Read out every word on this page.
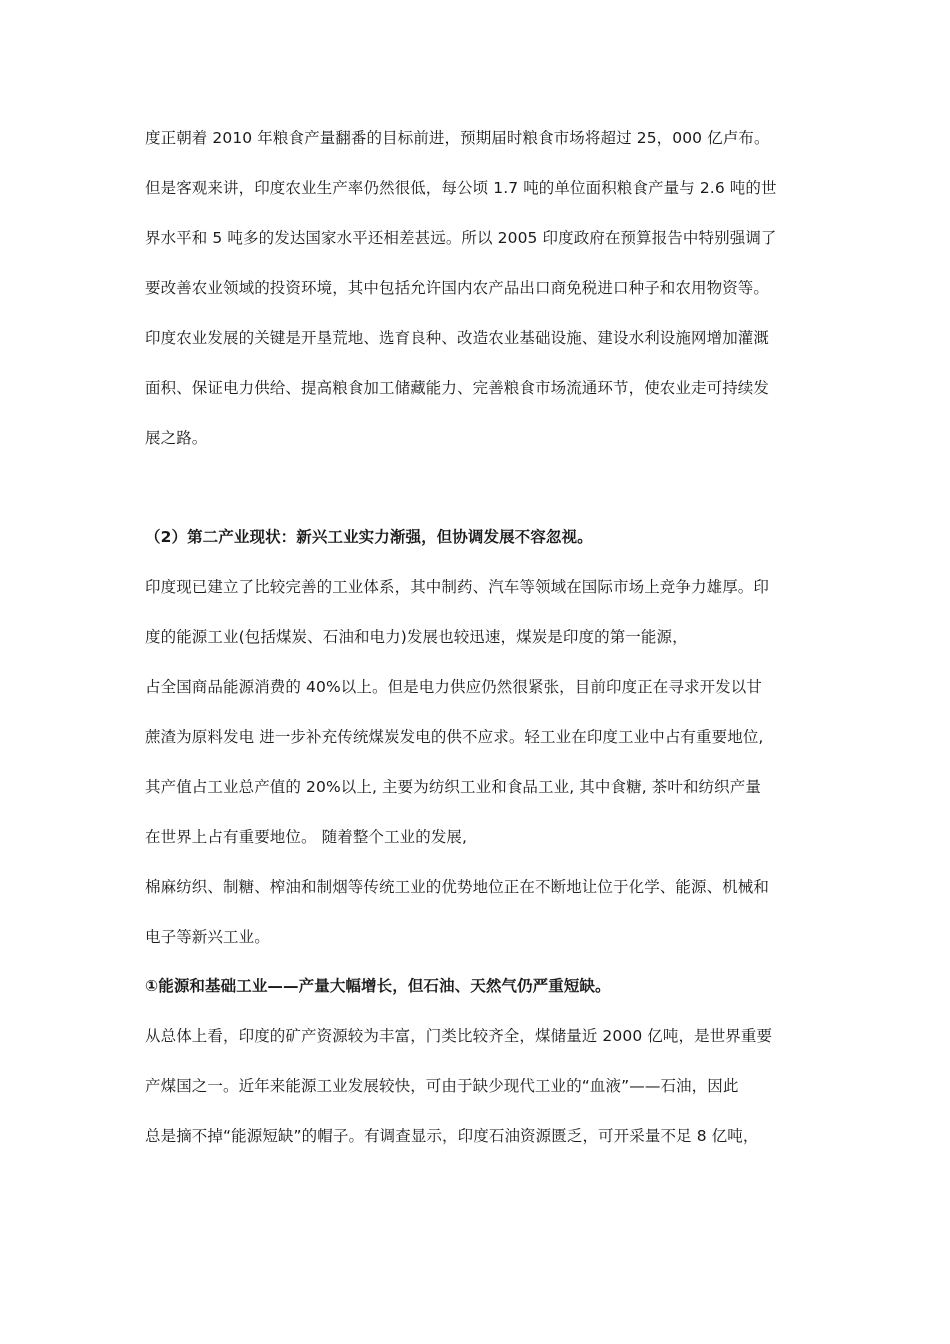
度正朝着 2010 年粮食产量翻番的目标前进，预期届时粮食市场将超过 25，000 亿卢布。
但是客观来讲，印度农业生产率仍然很低，每公顷 1.7 吨的单位面积粮食产量与 2.6 吨的世
界水平和 5 吨多的发达国家水平还相差甚远。所以 2005 印度政府在预算报告中特别强调了
要改善农业领域的投资环境，其中包括允许国内农产品出口商免税进口种子和农用物资等。
印度农业发展的关键是开垦荒地、选育良种、改造农业基础设施、建设水利设施网增加灌溉
面积、保证电力供给、提高粮食加工储藏能力、完善粮食市场流通环节，使农业走可持续发
展之路。
（2）第二产业现状：新兴工业实力渐强，但协调发展不容忽视。
印度现已建立了比较完善的工业体系，其中制药、汽车等领域在国际市场上竞争力雄厚。印
度的能源工业(包括煤炭、石油和电力)发展也较迅速，煤炭是印度的第一能源，
占全国商品能源消费的 40%以上。但是电力供应仍然很紧张，目前印度正在寻求开发以甘
蔗渣为原料发电 进一步补充传统煤炭发电的供不应求。轻工业在印度工业中占有重要地位,
其产值占工业总产值的 20%以上, 主要为纺织工业和食品工业, 其中食糖, 茶叶和纺织产量
在世界上占有重要地位。 随着整个工业的发展,
棉麻纺织、制糖、榨油和制烟等传统工业的优势地位正在不断地让位于化学、能源、机械和
电子等新兴工业。
①能源和基础工业——产量大幅增长，但石油、天然气仍严重短缺。
从总体上看，印度的矿产资源较为丰富，门类比较齐全，煤储量近 2000 亿吨，是世界重要
产煤国之一。近年来能源工业发展较快，可由于缺少现代工业的“血液”——石油，因此
总是摘不掉“能源短缺”的帽子。有调查显示，印度石油资源匮乏，可开采量不足 8 亿吨，
